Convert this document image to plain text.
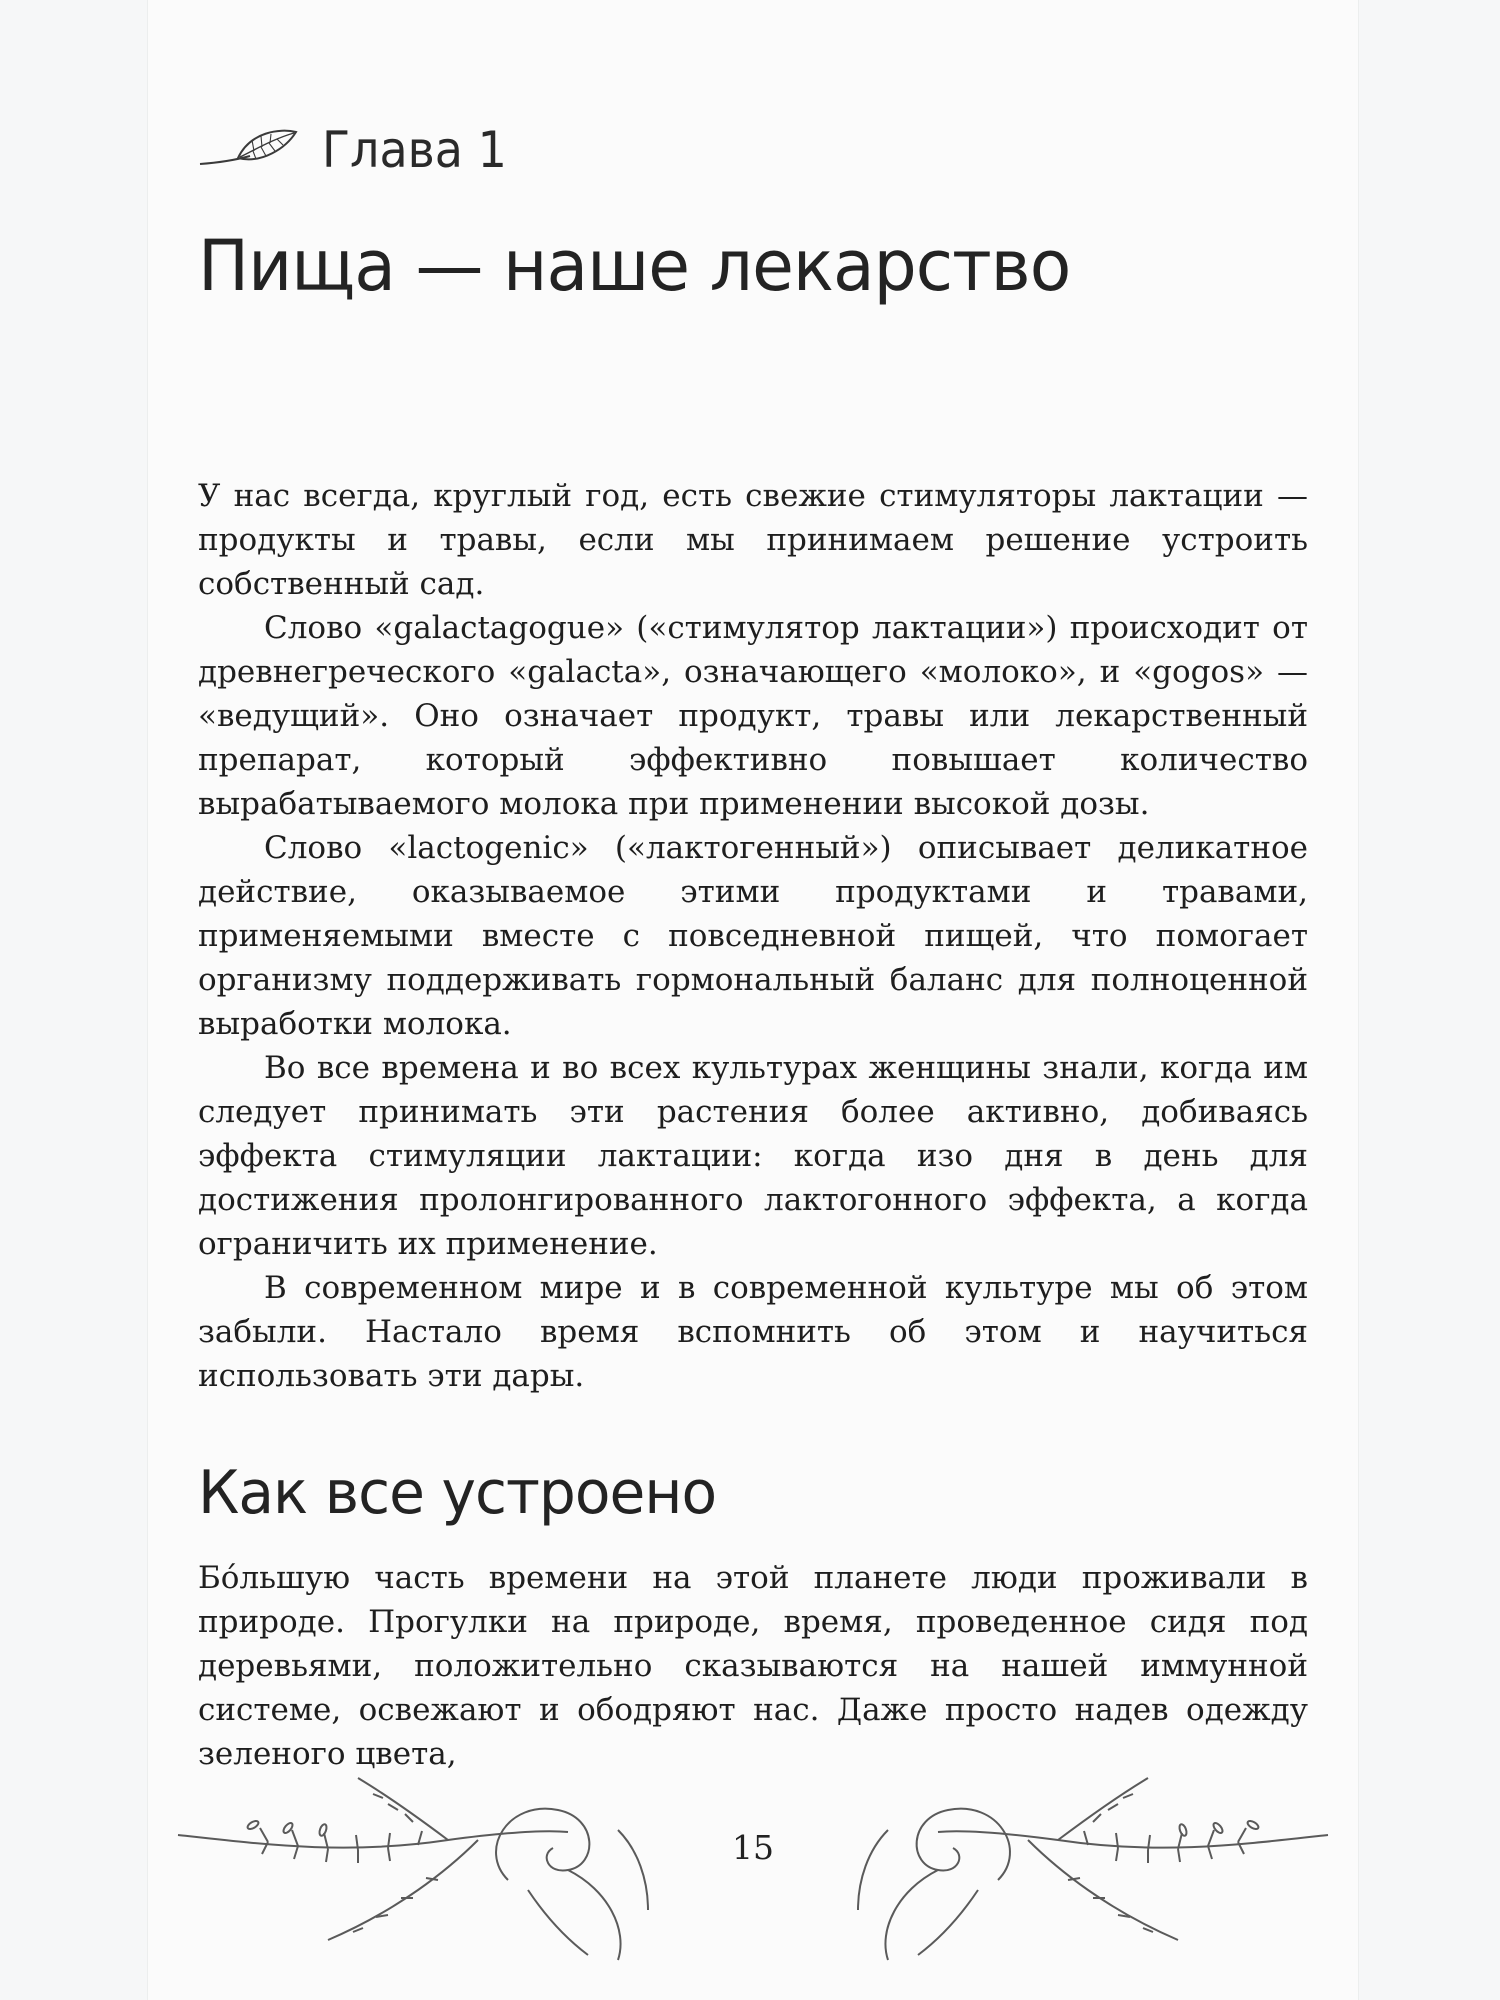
Глава 1
Пища — наше лекарство

У нас всегда, круглый год, есть свежие стимуляторы лактации — продукты и травы, если мы принимаем решение устроить собственный сад.

Слово «galactagogue» («стимулятор лактации») происходит от древнегреческого «galacta», означающего «молоко», и «gogos» — «ведущий». Оно означает продукт, травы или лекарственный препарат, который эффективно повышает количество вырабатываемого молока при применении высокой дозы.

Слово «lactogenic» («лактогенный») описывает деликатное действие, оказываемое этими продуктами и травами, применяемыми вместе с повседневной пищей, что помогает организму поддерживать гормональный баланс для полноценной выработки молока.

Во все времена и во всех культурах женщины знали, когда им следует принимать эти растения более активно, добиваясь эффекта стимуляции лактации: когда изо дня в день для достижения пролонгированного лактогонного эффекта, а когда ограничить их применение.

В современном мире и в современной культуре мы об этом забыли. Настало время вспомнить об этом и научиться использовать эти дары.

Как все устроено

Бо́льшую часть времени на этой планете люди проживали в природе. Прогулки на природе, время, проведенное сидя под деревьями, положительно сказываются на нашей иммунной системе, освежают и ободряют нас. Даже просто надев одежду зеленого цвета,

15
